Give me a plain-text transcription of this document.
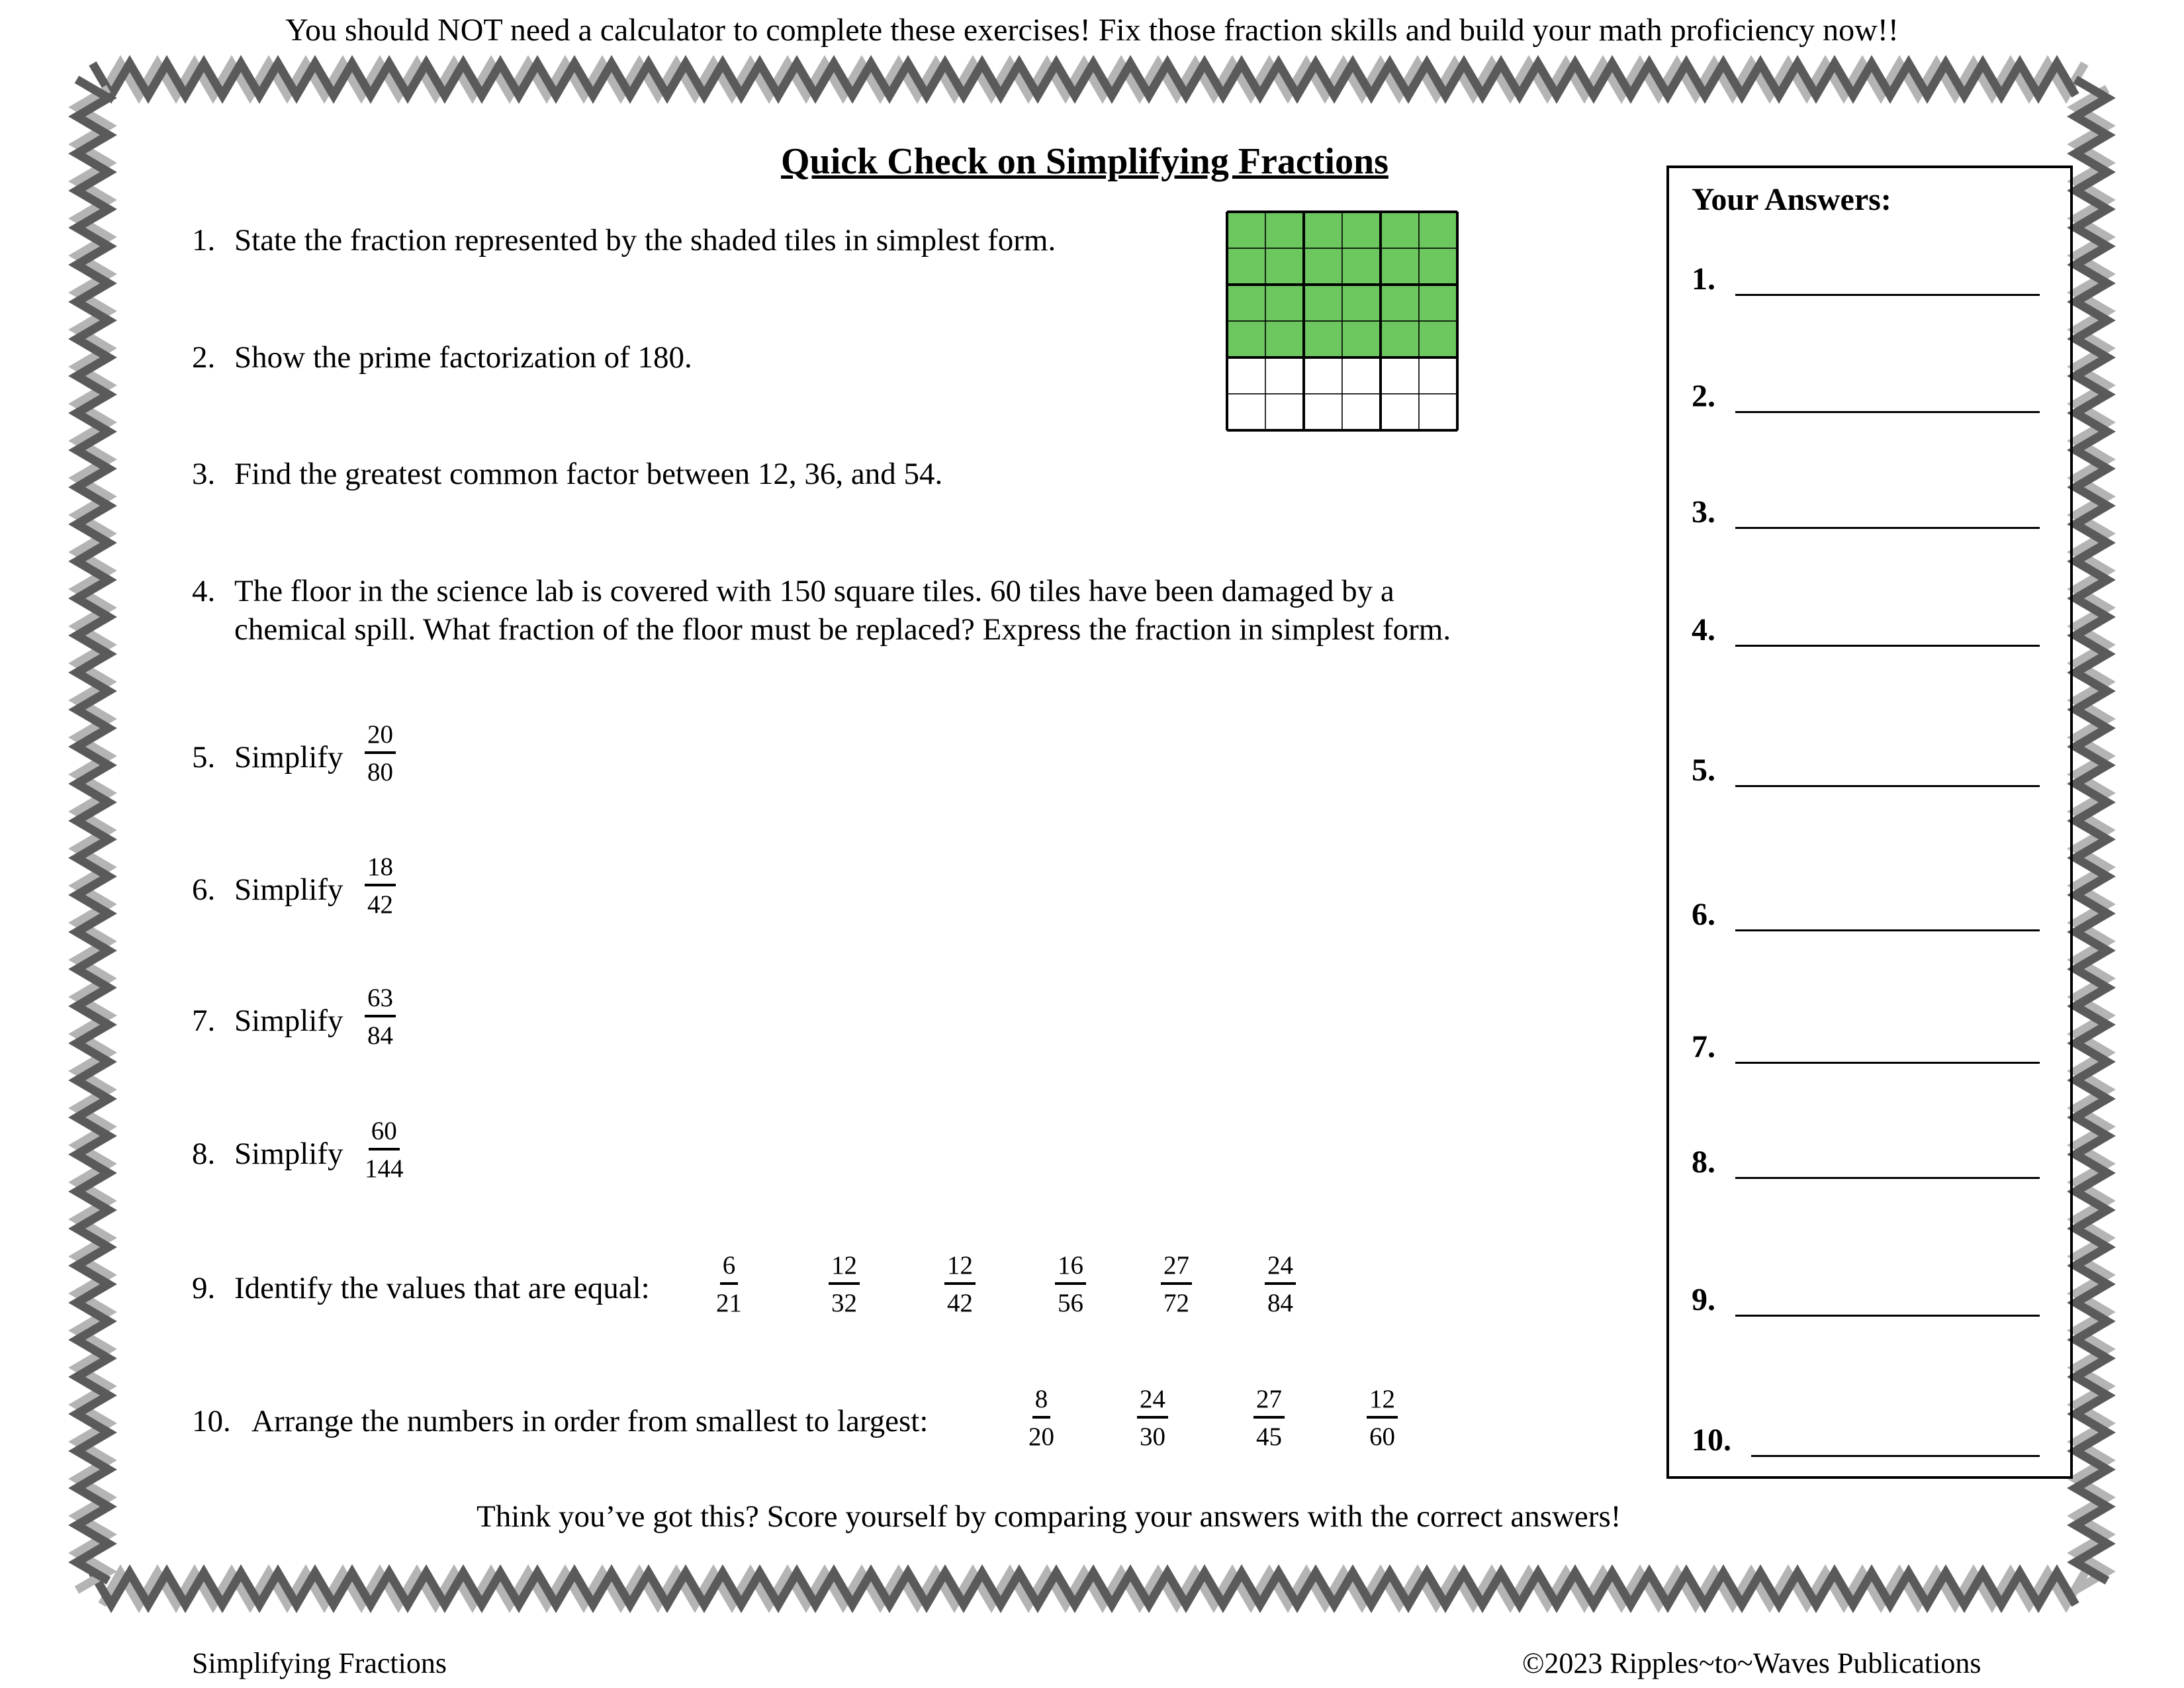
You should NOT need a calculator to complete these exercises! Fix those fraction skills and build your math proficiency now!!
Quick Check on Simplifying Fractions
1. State the fraction represented by the shaded tiles in simplest form.
2. Show the prime factorization of 180.
3. Find the greatest common factor between 12, 36, and 54.
4. The floor in the science lab is covered with 150 square tiles. 60 tiles have been damaged by a
chemical spill. What fraction of the floor must be replaced? Express the fraction in simplest form.
5. Simplify $\frac{20}{80}$
6. Simplify $\frac{18}{42}$
7. Simplify $\frac{63}{84}$
8. Simplify $\frac{60}{144}$
9. Identify the values that are equal:	$\frac{6}{21}$	$\frac{12}{32}$	$\frac{12}{42}$	$\frac{16}{56}$	$\frac{27}{72}$	$\frac{24}{84}$
10. Arrange the numbers in order from smallest to largest:	$\frac{8}{20}$	$\frac{24}{30}$	$\frac{27}{45}$	$\frac{12}{60}$
Your Answers:
1.
2.
3.
4.
5.
6.
7.
8.
9.
10.
Think you’ve got this? Score yourself by comparing your answers with the correct answers!
Simplifying Fractions	©2023 Ripples~to~Waves Publications
